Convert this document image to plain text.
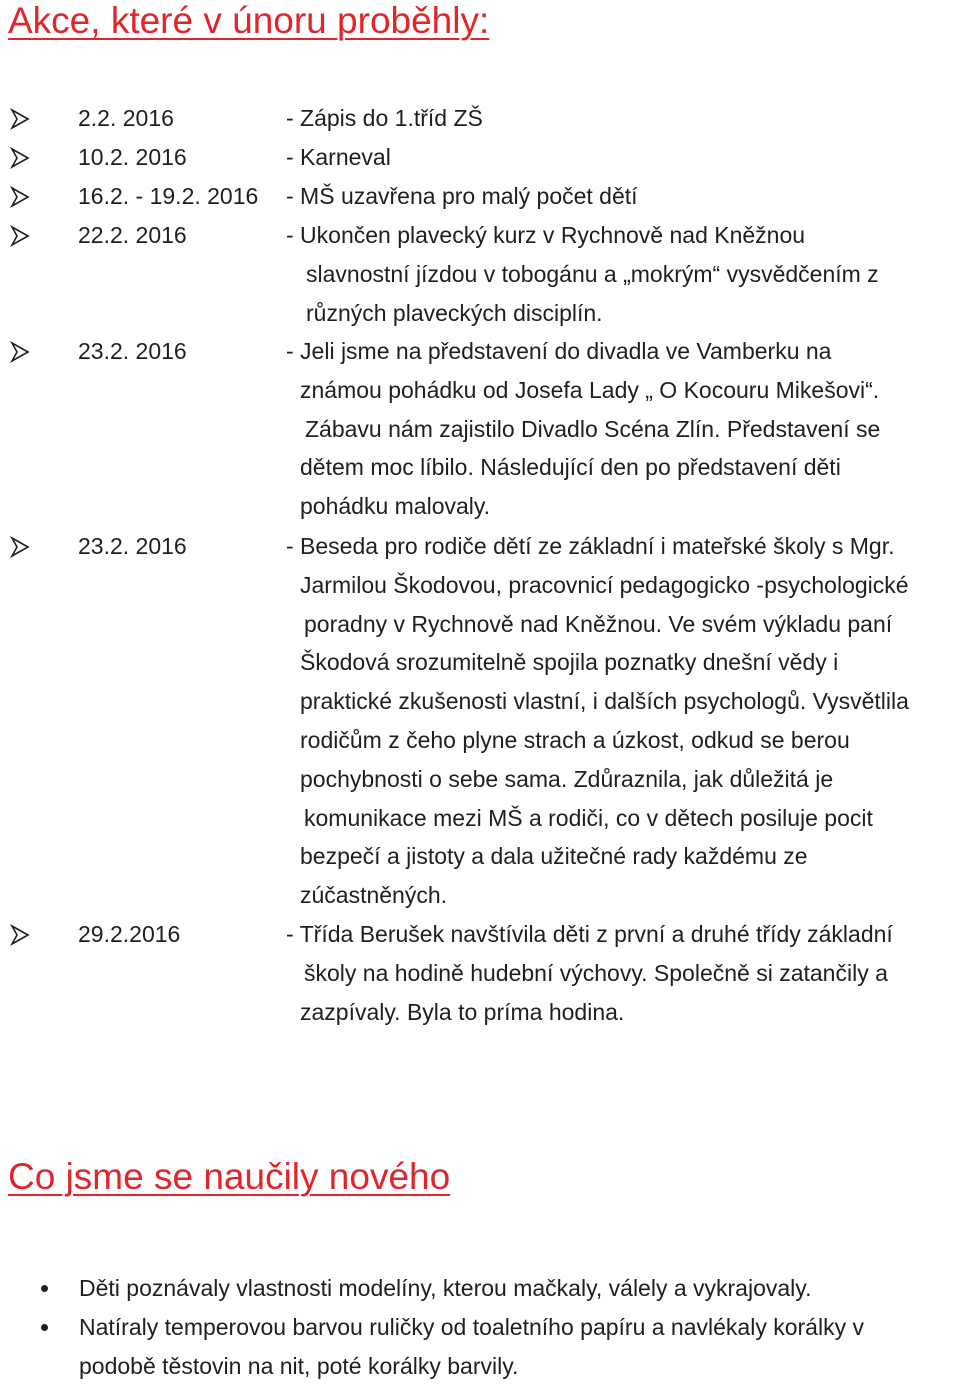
Akce, které v únoru proběhly:
2.2. 2016	- Zápis do 1.tříd ZŠ
10.2. 2016	- Karneval
16.2. - 19.2. 2016 - MŠ uzavřena pro malý počet dětí
22.2. 2016	- Ukončen plavecký kurz v Rychnově nad Kněžnou
slavnostní jízdou v tobogánu a „mokrým“ vysvědčením z
různých plaveckých disciplín.
23.2. 2016	- Jeli jsme na představení do divadla ve Vamberku na
známou pohádku od Josefa Lady „ O Kocouru Mikešovi“.
Zábavu nám zajistilo Divadlo Scéna Zlín. Představení se
dětem moc líbilo. Následující den po představení děti
pohádku malovaly.
23.2. 2016	- Beseda pro rodiče dětí ze základní i mateřské školy s Mgr.
Jarmilou Škodovou, pracovnicí pedagogicko -psychologické
poradny v Rychnově nad Kněžnou. Ve svém výkladu paní
Škodová srozumitelně spojila poznatky dnešní vědy i
praktické zkušenosti vlastní, i dalších psychologů. Vysvětlila
rodičům z čeho plyne strach a úzkost, odkud se berou
pochybnosti o sebe sama. Zdůraznila, jak důležitá je
komunikace mezi MŠ a rodiči, co v dětech posiluje pocit
bezpečí a jistoty a dala užitečné rady každému ze
zúčastněných.
29.2.2016	- Třída Berušek navštívila děti z první a druhé třídy základní
školy na hodině hudební výchovy. Společně si zatančily a
zazpívaly. Byla to príma hodina.
Co jsme se naučily nového
Děti poznávaly vlastnosti modelíny, kterou mačkaly, válely a vykrajovaly.
Natíraly temperovou barvou ruličky od toaletního papíru a navlékaly korálky v
podobě těstovin na nit, poté korálky barvily.
